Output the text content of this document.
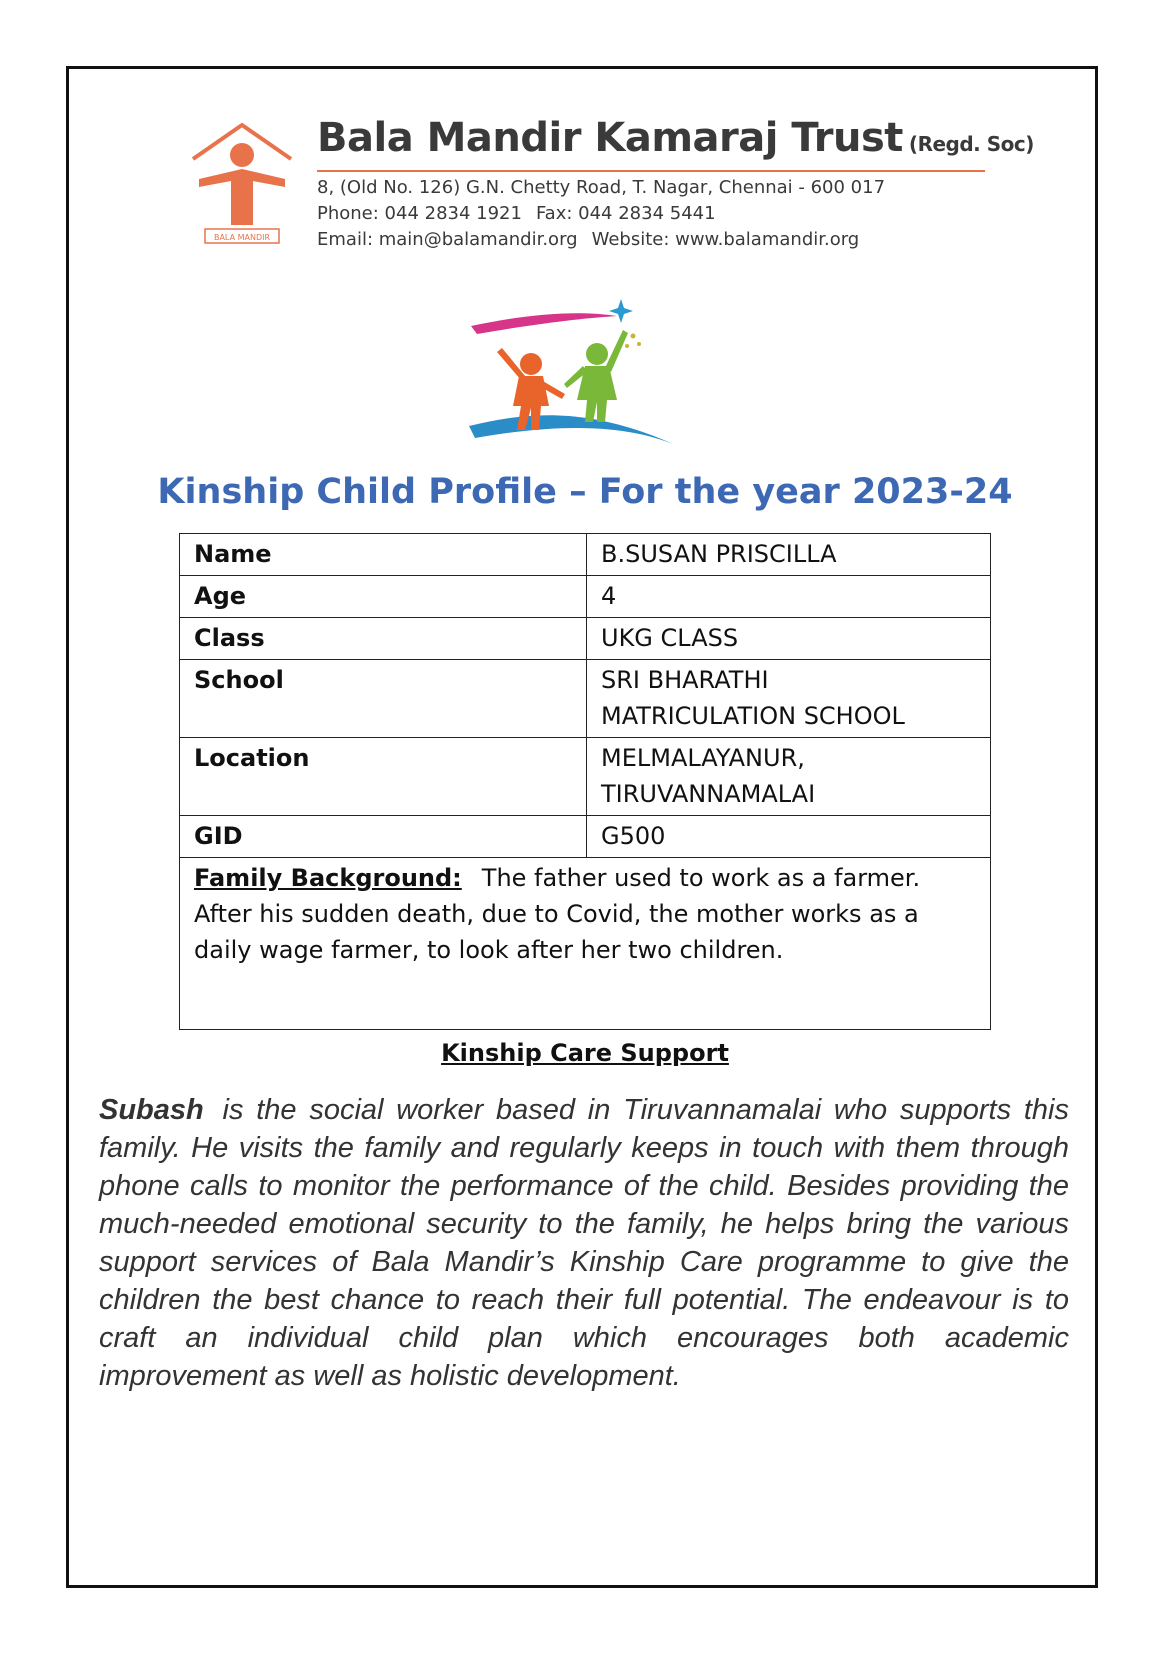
BALA MANDIR
Bala Mandir Kamaraj Trust (Regd. Soc)
8, (Old No. 126) G.N. Chetty Road, T. Nagar, Chennai - 600 017
Phone: 044 2834 1921 Fax: 044 2834 5441
Email: main@balamandir.org Website: www.balamandir.org
Kinship Child Profile – For the year 2023-24
Name	B.SUSAN PRISCILLA
Age	4
Class	UKG CLASS
School	SRI BHARATHI
MATRICULATION SCHOOL
Location	MELMALAYANUR,
TIRUVANNAMALAI
GID	G500
Family Background: The father used to work as a farmer. After his sudden death, due to Covid, the mother works as a daily wage farmer, to look after her two children.	
Kinship Care Support
Subash is the social worker based in Tiruvannamalai who supports this family. He visits the family and regularly keeps in touch with them through phone calls to monitor the performance of the child. Besides providing the much-needed emotional security to the family, he helps bring the various support services of Bala Mandir’s Kinship Care programme to give the children the best chance to reach their full potential. The endeavour is to craft an individual child plan which encourages both academic improvement as well as holistic development.
